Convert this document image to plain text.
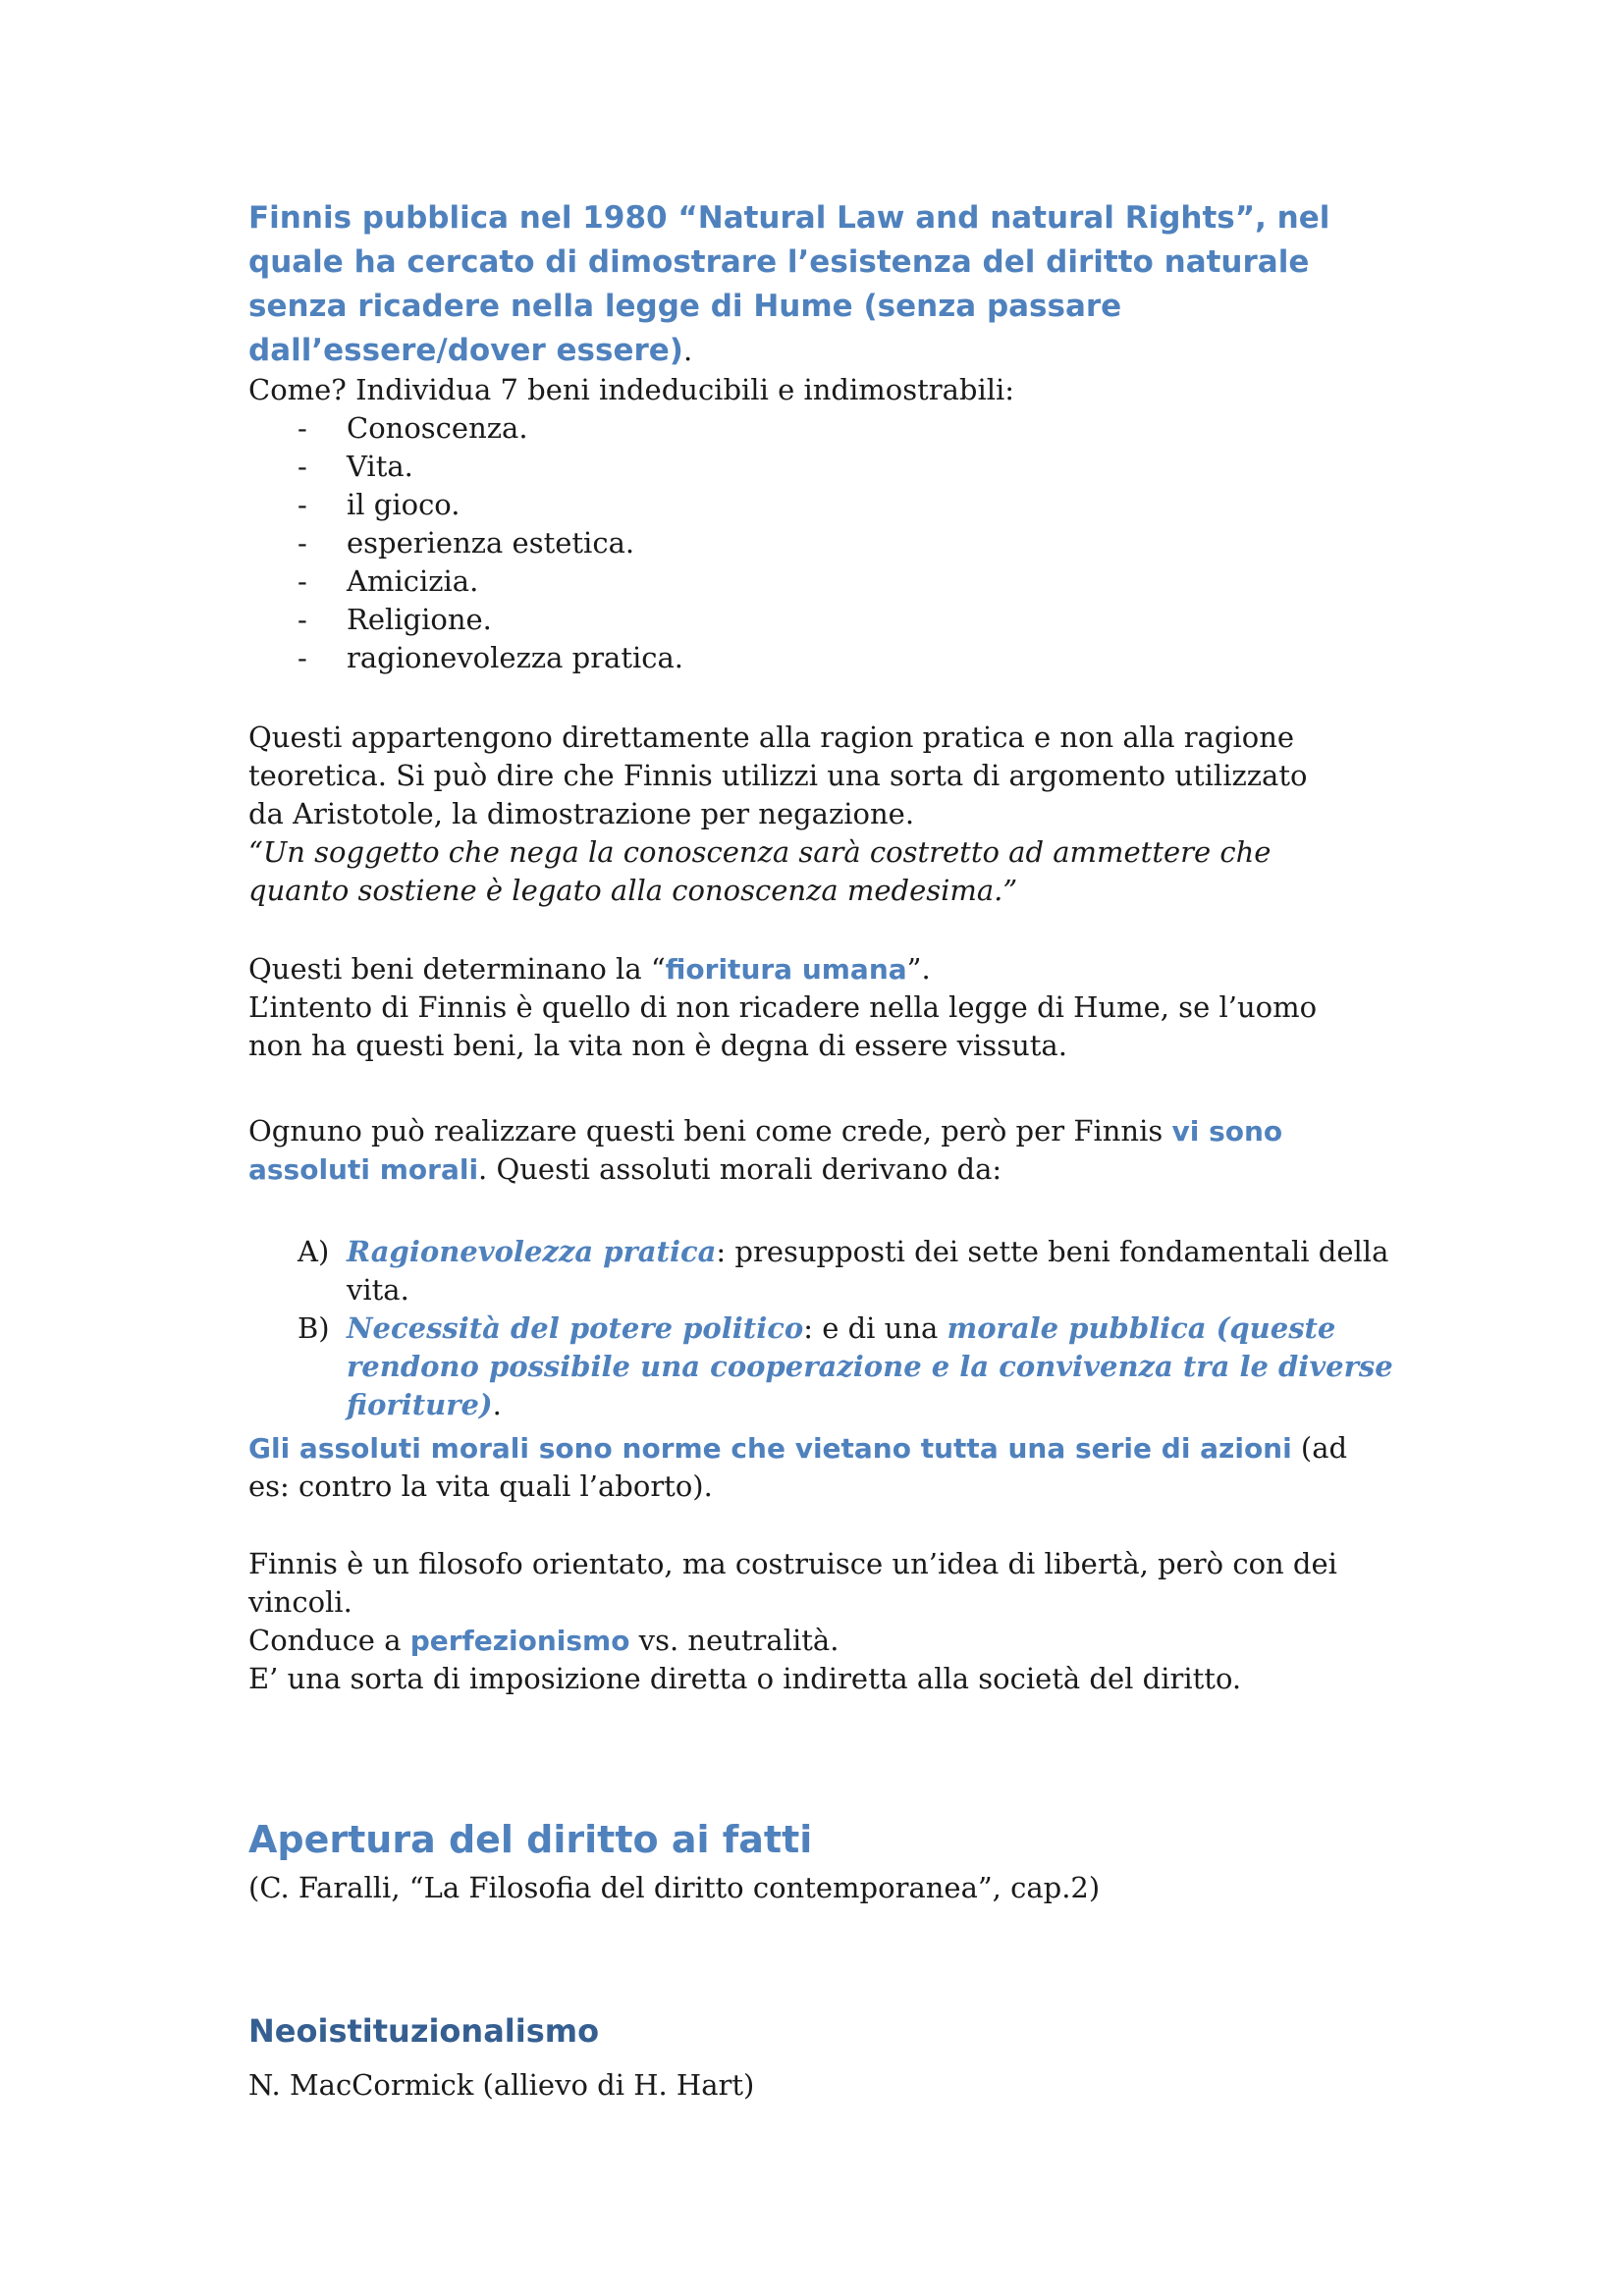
Finnis pubblica nel 1980 “Natural Law and natural Rights”, nel quale ha cercato di dimostrare l’esistenza del diritto naturale senza ricadere nella legge di Hume (senza passare dall’essere/dover essere).

Come? Individua 7 beni indeducibili e indimostrabili:
- Conoscenza.
- Vita.
- il gioco.
- esperienza estetica.
- Amicizia.
- Religione.
- ragionevolezza pratica.
Questi appartengono direttamente alla ragion pratica e non alla ragione teoretica. Si può dire che Finnis utilizzi una sorta di argomento utilizzato da Aristotole, la dimostrazione per negazione.
“Un soggetto che nega la conoscenza sarà costretto ad ammettere che quanto sostiene è legato alla conoscenza medesima.”
Questi beni determinano la “fioritura umana”.
L’intento di Finnis è quello di non ricadere nella legge di Hume, se l’uomo non ha questi beni, la vita non è degna di essere vissuta.
Ognuno può realizzare questi beni come crede, però per Finnis vi sono assoluti morali. Questi assoluti morali derivano da:
A) Ragionevolezza pratica: presupposti dei sette beni fondamentali della vita.
B) Necessità del potere politico: e di una morale pubblica (queste rendono possibile una cooperazione e la convivenza tra le diverse fioriture).
Gli assoluti morali sono norme che vietano tutta una serie di azioni (ad es: contro la vita quali l’aborto).
Finnis è un filosofo orientato, ma costruisce un’idea di libertà, però con dei vincoli.
Conduce a perfezionismo vs. neutralità.
E’ una sorta di imposizione diretta o indiretta alla società del diritto.
Apertura del diritto ai fatti
(C. Faralli, “La Filosofia del diritto contemporanea”, cap.2)
Neoistituzionalismo
N. MacCormick (allievo di H. Hart)
